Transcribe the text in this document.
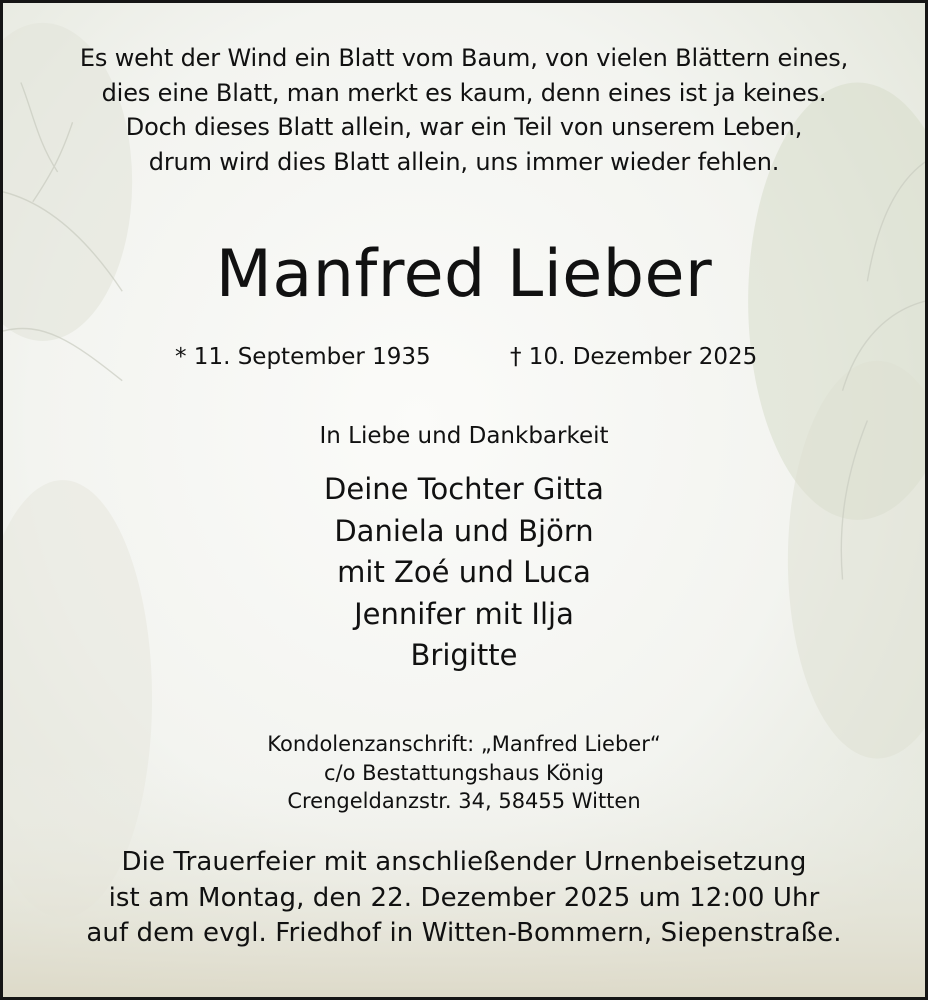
Es weht der Wind ein Blatt vom Baum, von vielen Blättern eines,
dies eine Blatt, man merkt es kaum, denn eines ist ja keines.
Doch dieses Blatt allein, war ein Teil von unserem Leben,
drum wird dies Blatt allein, uns immer wieder fehlen.
Manfred Lieber
* 11. September 1935	† 10. Dezember 2025
In Liebe und Dankbarkeit
Deine Tochter Gitta
Daniela und Björn
mit Zoé und Luca
Jennifer mit Ilja
Brigitte
Kondolenzanschrift: „Manfred Lieber“
c/o Bestattungshaus König
Crengeldanzstr. 34, 58455 Witten
Die Trauerfeier mit anschließender Urnenbeisetzung
ist am Montag, den 22. Dezember 2025 um 12:00 Uhr
auf dem evgl. Friedhof in Witten-Bommern, Siepenstraße.
